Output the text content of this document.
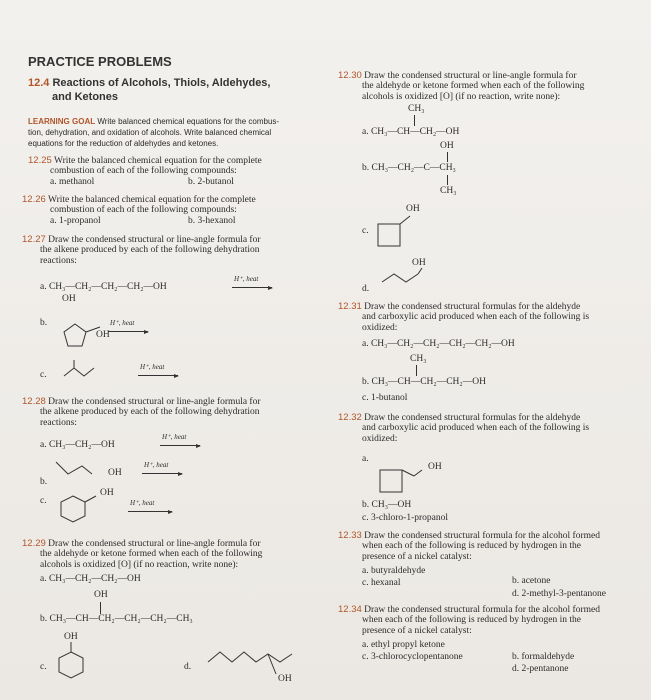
PRACTICE PROBLEMS
12.4 Reactions of Alcohols, Thiols, Aldehydes,
and Ketones
LEARNING GOAL Write balanced chemical equations for the combus-
tion, dehydration, and oxidation of alcohols. Write balanced chemical
equations for the reduction of aldehydes and ketones.
12.25 Write the balanced chemical equation for the complete
combustion of each of the following compounds:
a. methanol	b. 2-butanol
12.26 Write the balanced chemical equation for the complete
combustion of each of the following compounds:
a. 1-propanol	b. 3-hexanol
12.27 Draw the condensed structural or line-angle formula for
the alkene produced by each of the following dehydration
reactions:
a. CH₃—CH₂—CH₂—CH₂—OH
H⁺, heat
OH
b.
OH
H⁺, heat
c.
H⁺, heat
12.28 Draw the condensed structural or line-angle formula for
the alkene produced by each of the following dehydration
reactions:
a. CH₃—CH₂—OH
H⁺, heat
b.
OH
H⁺, heat
c.
OH
H⁺, heat
12.29 Draw the condensed structural or line-angle formula for
the aldehyde or ketone formed when each of the following
alcohols is oxidized [O] (if no reaction, write none):
a. CH₃—CH₂—CH₂—OH
OH
b. CH₃—CH—CH₂—CH₂—CH₂—CH₃
c.
OH
d.
OH
12.30 Draw the condensed structural or line-angle formula for
the aldehyde or ketone formed when each of the following
alcohols is oxidized [O] (if no reaction, write none):
CH₃
a. CH₃—CH—CH₂—OH
OH
b. CH₃—CH₂—C—CH₃
CH₃
c.
OH
d.
OH
12.31 Draw the condensed structural formulas for the aldehyde
and carboxylic acid produced when each of the following is
oxidized:
a. CH₃—CH₂—CH₂—CH₂—CH₂—OH
CH₃
b. CH₃—CH—CH₂—CH₂—OH
c. 1-butanol
12.32 Draw the condensed structural formulas for the aldehyde
and carboxylic acid produced when each of the following is
oxidized:
a.
OH
b. CH₃—OH
c. 3-chloro-1-propanol
12.33 Draw the condensed structural formula for the alcohol formed
when each of the following is reduced by hydrogen in the
presence of a nickel catalyst:
a. butyraldehyde
b. acetone
c. hexanal
d. 2-methyl-3-pentanone
12.34 Draw the condensed structural formula for the alcohol formed
when each of the following is reduced by hydrogen in the
presence of a nickel catalyst:
a. ethyl propyl ketone
b. formaldehyde
c. 3-chlorocyclopentanone
d. 2-pentanone
